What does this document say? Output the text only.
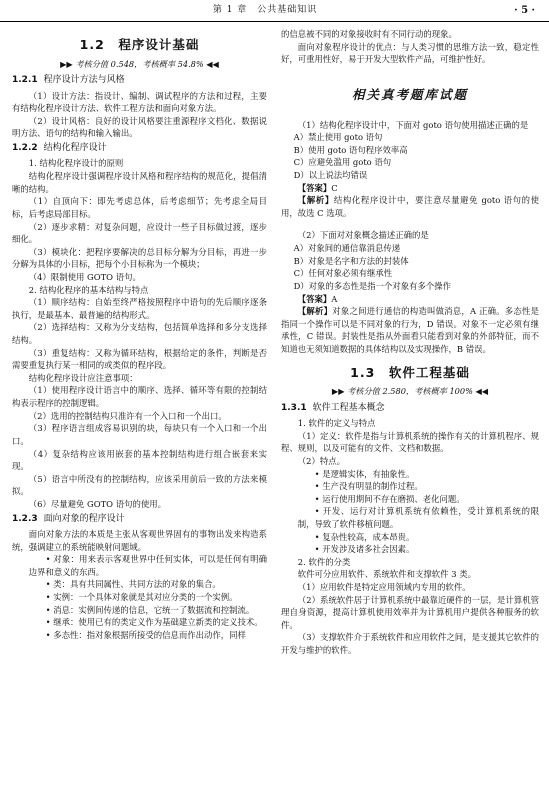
第 1 章　公共基础知识	· 5 ·
1.2　程序设计基础
▶▶ 考核分值 0.548，考核概率 54.8% ◀◀
1.2.1 程序设计方法与风格

（1）设计方法：指设计、编制、调试程序的方法和过程，主要有结构化程序设计方法、软件工程方法和面向对象方法。

（2）设计风格：良好的设计风格要注重源程序文档化、数据说明方法、语句的结构和输入输出。

1.2.2 结构化程序设计

1. 结构化程序设计的原则

结构化程序设计强调程序设计风格和程序结构的规范化，提倡清晰的结构。

（1）自顶向下：即先考虑总体，后考虑细节；先考虑全局目标，后考虑局部目标。

（2）逐步求精：对复杂问题，应设计一些子目标做过渡，逐步细化。

（3）模块化：把程序要解决的总目标分解为分目标，再进一步分解为具体的小目标，把每个小目标称为一个模块；

（4）限制使用 GOTO 语句。

2. 结构化程序的基本结构与特点

（1）顺序结构：自始至终严格按照程序中语句的先后顺序逐条执行，是最基本、最普遍的结构形式。

（2）选择结构：又称为分支结构，包括简单选择和多分支选择结构。

（3）重复结构：又称为循环结构，根据给定的条件，判断是否需要重复执行某一相同的或类似的程序段。

结构化程序设计应注意事项：

（1）使用程序设计语言中的顺序、选择、循环等有限的控制结构表示程序的控制逻辑。

（2）选用的控制结构只准许有一个入口和一个出口。

（3）程序语言组成容易识别的块，每块只有一个入口和一个出口。

（4）复杂结构应该用嵌套的基本控制结构进行组合嵌套来实现。

（5）语言中所没有的控制结构，应该采用前后一致的方法来模拟。

（6）尽量避免 GOTO 语句的使用。

1.2.3 面向对象的程序设计

面向对象方法的本质是主张从客观世界固有的事物出发来构造系统，强调建立的系统能映射问题域。

• 对象：用来表示客观世界中任何实体，可以是任何有明确边界和意义的东西。

• 类：具有共同属性、共同方法的对象的集合。

• 实例：一个具体对象就是其对应分类的一个实例。

• 消息：实例间传递的信息，它统一了数据流和控制流。

• 继承：使用已有的类定义作为基础建立新类的定义技术。

• 多态性：指对象根据所接受的信息而作出动作，同样

的信息被不同的对象接收时有不同行动的现象。

面向对象程序设计的优点：与人类习惯的思维方法一致，稳定性好，可重用性好，易于开发大型软件产品，可维护性好。

相关真考题库试题

（1）结构化程序设计中，下面对 goto 语句使用描述正确的是

A）禁止使用 goto 语句

B）使用 goto 语句程序效率高

C）应避免滥用 goto 语句

D）以上说法均错误

【答案】C

【解析】结构化程序设计中，要注意尽量避免 goto 语句的使用，故选 C 选项。

（2）下面对对象概念描述正确的是

A）对象间的通信靠消息传递

B）对象是名字和方法的封装体

C）任何对象必须有继承性

D）对象的多态性是指一个对象有多个操作

【答案】A

【解析】对象之间进行通信的构造叫做消息，A 正确。多态性是指同一个操作可以是不同对象的行为，D 错误。对象不一定必须有继承性，C 错误。封装性是指从外面看只能看到对象的外部特征，而不知道也无须知道数据的具体结构以及实现操作，B 错误。

1.3　软件工程基础
▶▶ 考核分值 2.580，考核概率 100% ◀◀
1.3.1 软件工程基本概念

1. 软件的定义与特点

（1）定义：软件是指与计算机系统的操作有关的计算机程序、规程、规则，以及可能有的文件、文档和数据。

（2）特点。

• 是逻辑实体，有抽象性。

• 生产没有明显的制作过程。

• 运行使用期间不存在磨损、老化问题。

• 开发、运行对计算机系统有依赖性，受计算机系统的限制，导致了软件移植问题。

• 复杂性较高，成本昂贵。

• 开发涉及诸多社会因素。

2. 软件的分类

软件可分应用软件、系统软件和支撑软件 3 类。

（1）应用软件是特定应用领域内专用的软件。

（2）系统软件居于计算机系统中最靠近硬件的一层，是计算机管理自身资源，提高计算机使用效率并为计算机用户提供各种服务的软件。

（3）支撑软件介于系统软件和应用软件之间，是支援其它软件的开发与维护的软件。
